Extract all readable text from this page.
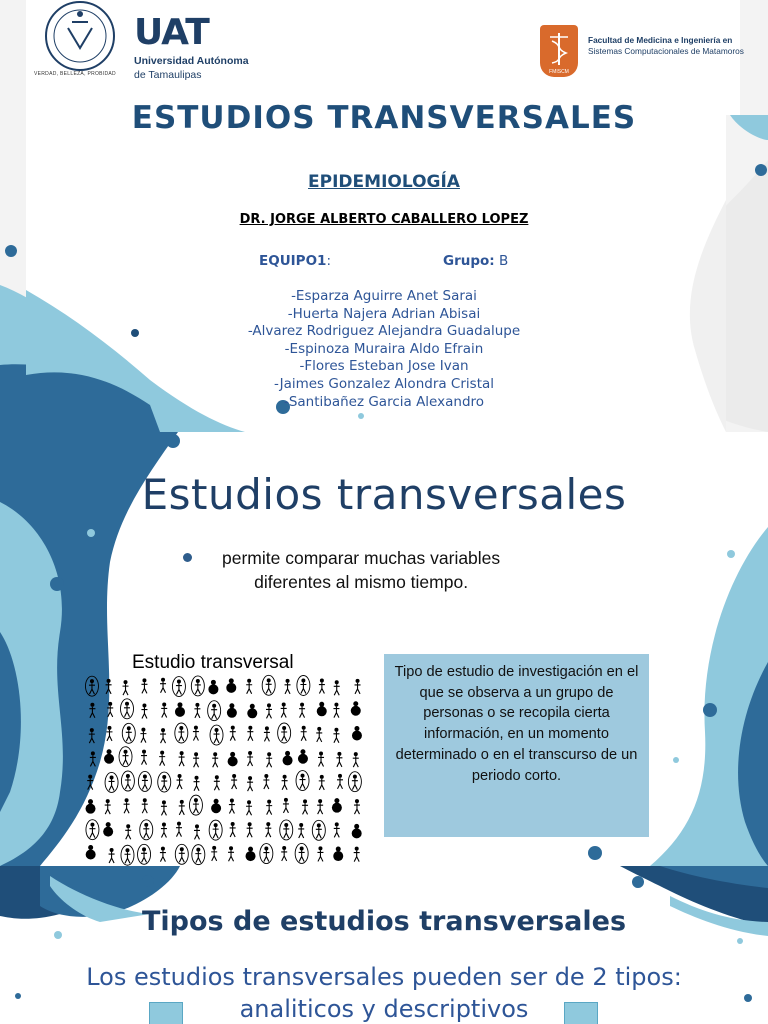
VERDAD, BELLEZA, PROBIDAD
UAT
Universidad Autónoma
de Tamaulipas	FMISCM
Facultad de Medicina e Ingeniería en
Sistemas Computacionales de Matamoros
ESTUDIOS TRANSVERSALES
EPIDEMIOLOGÍA
DR. JORGE ALBERTO CABALLERO LOPEZ
EQUIPO1:	Grupo: B
-Esparza Aguirre Anet Sarai
-Huerta Najera Adrian Abisai
-Alvarez Rodriguez Alejandra Guadalupe
-Espinoza Muraira Aldo Efrain
-Flores Esteban Jose Ivan
-Jaimes Gonzalez Alondra Cristal
-Santibañez Garcia Alexandro
Estudios transversales
permite comparar muchas variables
diferentes al mismo tiempo.
Estudio transversal	Tipo de estudio de investigación en el que se observa a un grupo de personas o se recopila cierta información, en un momento determinado o en el transcurso de un periodo corto.
Tipos de estudios transversales
Los estudios transversales pueden ser de 2 tipos:
analiticos y descriptivos
